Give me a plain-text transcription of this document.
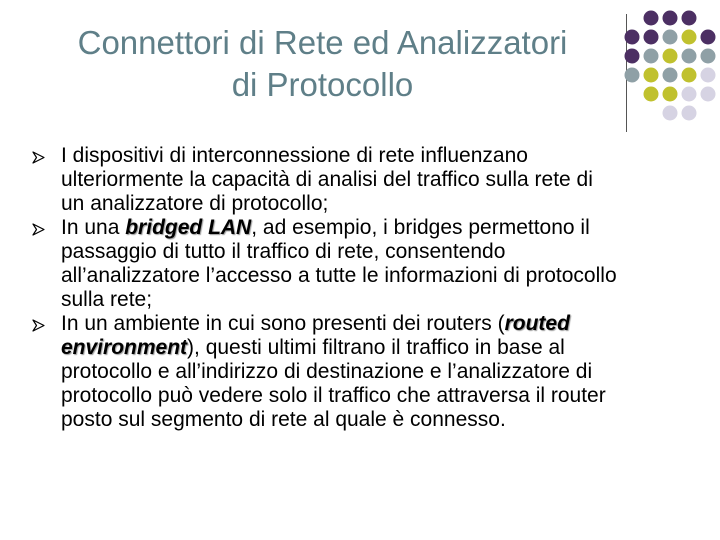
Connettori di Rete ed Analizzatori
di Protocollo
I dispositivi di interconnessione di rete influenzano ulteriormente la capacità di analisi del traffico sulla rete di un analizzatore di protocollo;
In una bridged LAN, ad esempio, i bridges permettono il passaggio di tutto il traffico di rete, consentendo all’analizzatore l’accesso a tutte le informazioni di protocollo sulla rete;
In un ambiente in cui sono presenti dei routers (routed environment), questi ultimi filtrano il traffico in base al protocollo e all’indirizzo di destinazione e l’analizzatore di protocollo può vedere solo il traffico che attraversa il router posto sul segmento di rete al quale è connesso.
